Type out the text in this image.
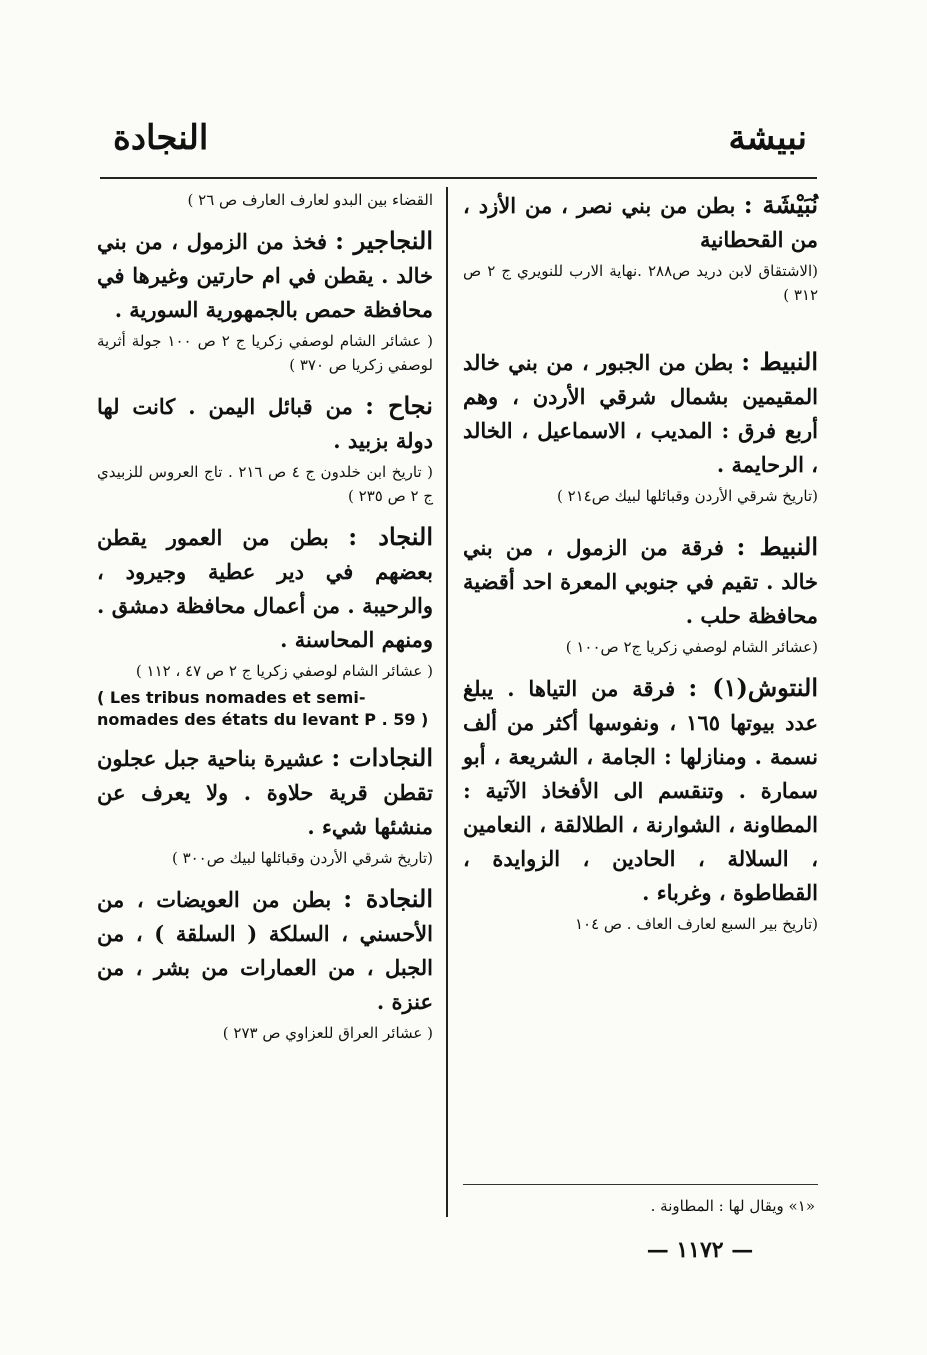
نبيشة
النجادة

نُبَيْشَة : بطن من بني نصر ، من الأزد ، من القحطانية

(الاشتقاق لابن دريد ص٢٨٨ .نهاية الارب للنويري ج ٢ ص ٣١٢ )

النبيط : بطن من الجبور ، من بني خالد المقيمين بشمال شرقي الأردن ، وهم أربع فرق : المديب ، الاسماعيل ، الخالد ، الرحايمة .

(تاريخ شرقي الأردن وقبائلها لبيك ص٢١٤ )

النبيط : فرقة من الزمول ، من بني خالد . تقيم في جنوبي المعرة احد أقضية محافظة حلب .

(عشائر الشام لوصفي زكريا ج٢ ص١٠٠ )

النتوش(١) : فرقة من التياها . يبلغ عدد بيوتها ١٦٥ ، ونفوسها أكثر من ألف نسمة . ومنازلها : الجامة ، الشريعة ، أبو سمارة . وتنقسم الى الأفخاذ الآتية : المطاونة ، الشوارنة ، الطلالقة ، النعامين ، السلالة ، الحادين ، الزوايدة ، القطاطوة ، وغرباء .

(تاريخ بير السبع لعارف العاف . ص ١٠٤

القضاء بين البدو لعارف العارف ص ٢٦ )

النجاجير : فخذ من الزمول ، من بني خالد . يقطن في ام حارتين وغيرها في محافظة حمص بالجمهورية السورية .

( عشائر الشام لوصفي زكريا ج ٢ ص ١٠٠ جولة أثرية لوصفي زكريا ص ٣٧٠ )

نجاح : من قبائل اليمن . كانت لها دولة بزبيد .

( تاريخ ابن خلدون ج ٤ ص ٢١٦ . تاج العروس للزبيدي ج ٢ ص ٢٣٥ )

النجاد : بطن من العمور يقطن بعضهم في دير عطية وجيرود ، والرحيبة . من أعمال محافظة دمشق . ومنهم المحاسنة .

( عشائر الشام لوصفي زكريا ج ٢ ص ٤٧ ، ١١٢ )

( Les tribus nomades et semi-nomades des états du levant P . 59 )

النجادات : عشيرة بناحية جبل عجلون تقطن قرية حلاوة . ولا يعرف عن منشئها شيء .

(تاريخ شرقي الأردن وقبائلها لبيك ص٣٠٠ )

النجادة : بطن من العويضات ، من الأحسني ، السلكة ( السلقة ) ، من الجبل ، من العمارات من بشر ، من عنزة .

( عشائر العراق للعزاوي ص ٢٧٣ )

«١» ويقال لها : المطاونة .
— ١١٧٢ —
